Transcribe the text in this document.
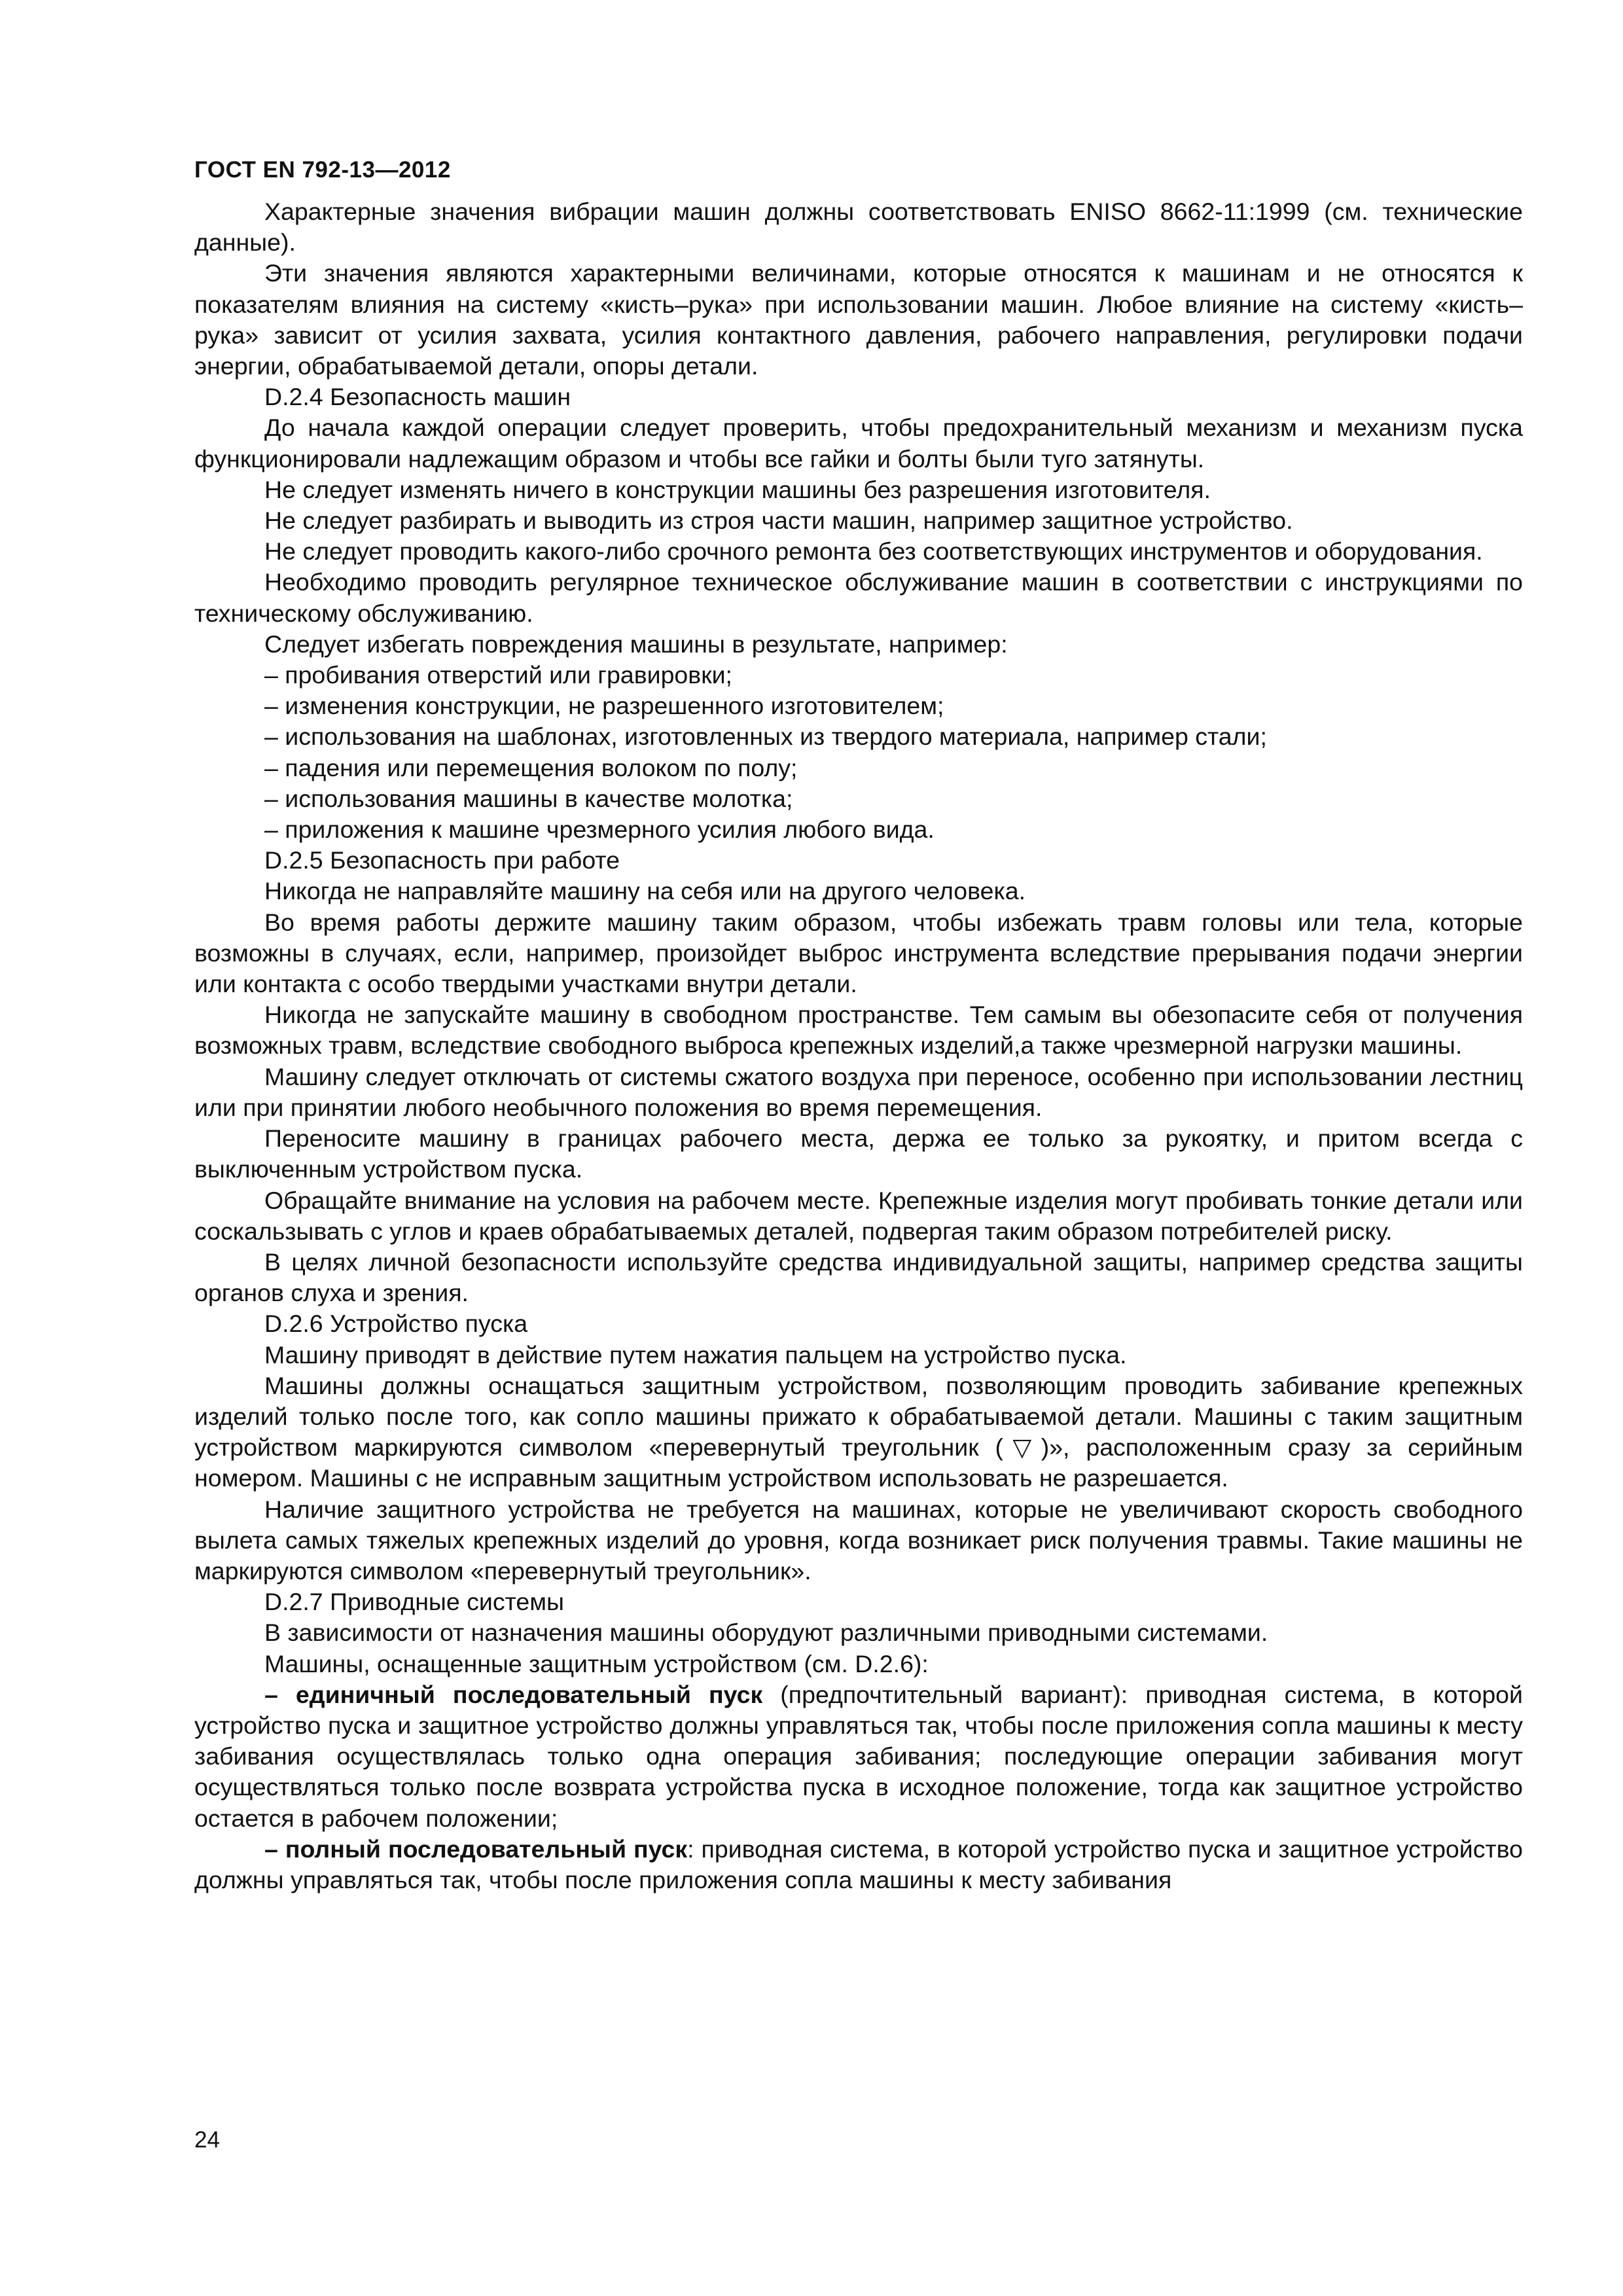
ГОСТ EN 792-13—2012

Характерные значения вибрации машин должны соответствовать ENISO 8662-11:1999 (см. технические данные).

Эти значения являются характерными величинами, которые относятся к машинам и не относятся к показателям влияния на систему «кисть–рука» при использовании машин. Любое влияние на систему «кисть–рука» зависит от усилия захвата, усилия контактного давления, рабочего направления, регулировки подачи энергии, обрабатываемой детали, опоры детали.

D.2.4 Безопасность машин

До начала каждой операции следует проверить, чтобы предохранительный механизм и механизм пуска функционировали надлежащим образом и чтобы все гайки и болты были туго затянуты.

Не следует изменять ничего в конструкции машины без разрешения изготовителя.

Не следует разбирать и выводить из строя части машин, например защитное устройство.

Не следует проводить какого-либо срочного ремонта без соответствующих инструментов и оборудования.

Необходимо проводить регулярное техническое обслуживание машин в соответствии с инструкциями по техническому обслуживанию.

Следует избегать повреждения машины в результате, например:

– пробивания отверстий или гравировки;

– изменения конструкции, не разрешенного изготовителем;

– использования на шаблонах, изготовленных из твердого материала, например стали;

– падения или перемещения волоком по полу;

– использования машины в качестве молотка;

– приложения к машине чрезмерного усилия любого вида.

D.2.5 Безопасность при работе

Никогда не направляйте машину на себя или на другого человека.

Во время работы держите машину таким образом, чтобы избежать травм головы или тела, которые возможны в случаях, если, например, произойдет выброс инструмента вследствие прерывания подачи энергии или контакта с особо твердыми участками внутри детали.

Никогда не запускайте машину в свободном пространстве. Тем самым вы обезопасите себя от получения возможных травм, вследствие свободного выброса крепежных изделий,а также чрезмерной нагрузки машины.

Машину следует отключать от системы сжатого воздуха при переносе, особенно при использовании лестниц или при принятии любого необычного положения во время перемещения.

Переносите машину в границах рабочего места, держа ее только за рукоятку, и притом всегда с выключенным устройством пуска.

Обращайте внимание на условия на рабочем месте. Крепежные изделия могут пробивать тонкие детали или соскальзывать с углов и краев обрабатываемых деталей, подвергая таким образом потребителей риску.

В целях личной безопасности используйте средства индивидуальной защиты, например средства защиты органов слуха и зрения.

D.2.6 Устройство пуска

Машину приводят в действие путем нажатия пальцем на устройство пуска.

Машины должны оснащаться защитным устройством, позволяющим проводить забивание крепежных изделий только после того, как сопло машины прижато к обрабатываемой детали. Машины с таким защитным устройством маркируются символом «перевернутый треугольник (▽)», расположенным сразу за серийным номером. Машины с не исправным защитным устройством использовать не разрешается.

Наличие защитного устройства не требуется на машинах, которые не увеличивают скорость свободного вылета самых тяжелых крепежных изделий до уровня, когда возникает риск получения травмы. Такие машины не маркируются символом «перевернутый треугольник».

D.2.7 Приводные системы

В зависимости от назначения машины оборудуют различными приводными системами.

Машины, оснащенные защитным устройством (см. D.2.6):

– единичный последовательный пуск (предпочтительный вариант): приводная система, в которой устройство пуска и защитное устройство должны управляться так, чтобы после приложения сопла машины к месту забивания осуществлялась только одна операция забивания; последующие операции забивания могут осуществляться только после возврата устройства пуска в исходное положение, тогда как защитное устройство остается в рабочем положении;

– полный последовательный пуск: приводная система, в которой устройство пуска и защитное устройство должны управляться так, чтобы после приложения сопла машины к месту забивания

24
